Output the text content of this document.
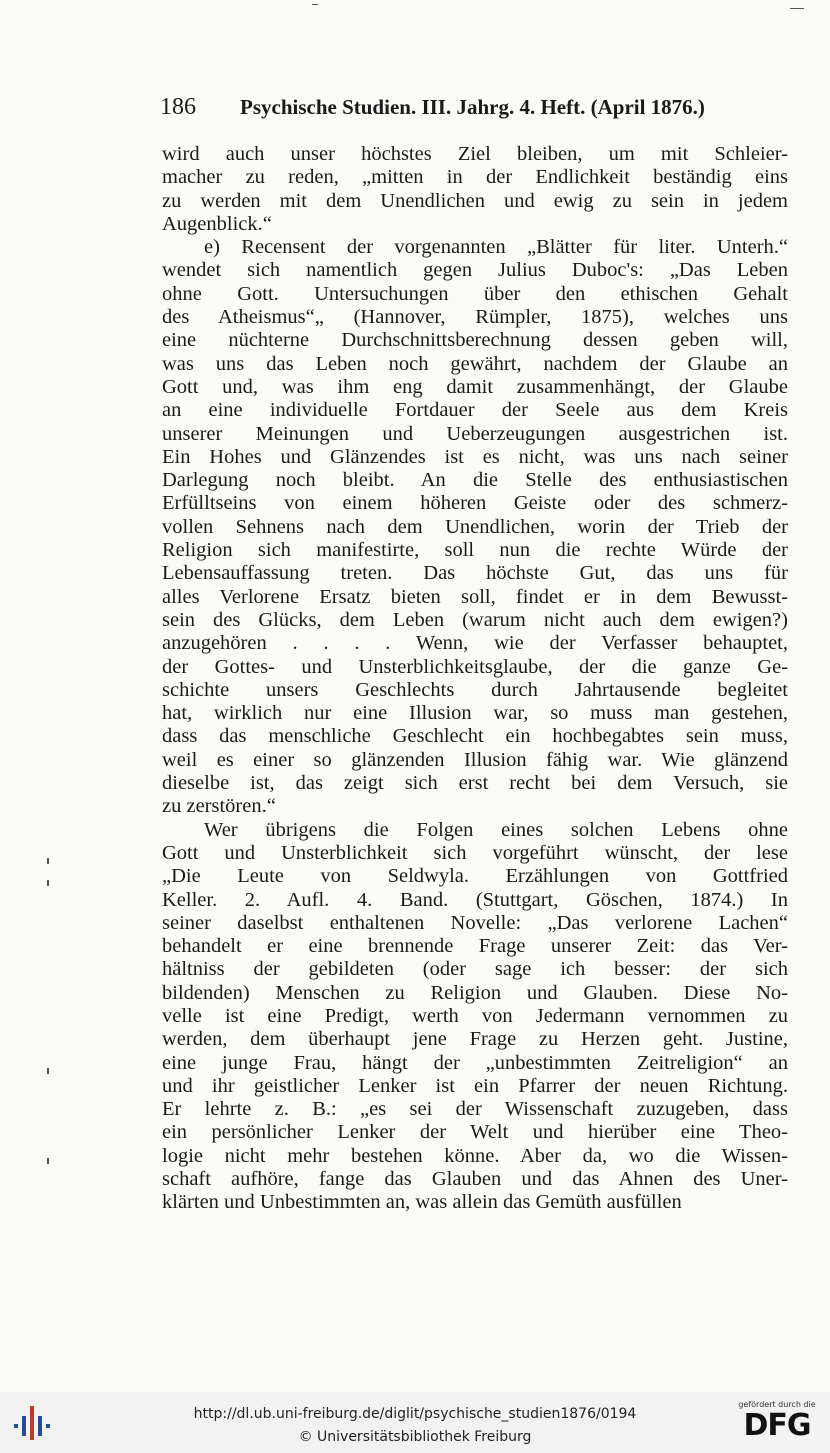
186 Psychische Studien. III. Jahrg. 4. Heft. (April 1876.)
wird auch unser höchstes Ziel bleiben, um mit Schleier-
macher zu reden, „mitten in der Endlichkeit beständig eins
zu werden mit dem Unendlichen und ewig zu sein in jedem
Augenblick.“
e) Recensent der vorgenannten „Blätter für liter. Unterh.“
wendet sich namentlich gegen Julius Duboc's: „Das Leben
ohne Gott. Untersuchungen über den ethischen Gehalt
des Atheismus“„ (Hannover, Rümpler, 1875), welches uns
eine nüchterne Durchschnittsberechnung dessen geben will,
was uns das Leben noch gewährt, nachdem der Glaube an
Gott und, was ihm eng damit zusammenhängt, der Glaube
an eine individuelle Fortdauer der Seele aus dem Kreis
unserer Meinungen und Ueberzeugungen ausgestrichen ist.
Ein Hohes und Glänzendes ist es nicht, was uns nach seiner
Darlegung noch bleibt. An die Stelle des enthusiastischen
Erfülltseins von einem höheren Geiste oder des schmerz-
vollen Sehnens nach dem Unendlichen, worin der Trieb der
Religion sich manifestirte, soll nun die rechte Würde der
Lebensauffassung treten. Das höchste Gut, das uns für
alles Verlorene Ersatz bieten soll, findet er in dem Bewusst-
sein des Glücks, dem Leben (warum nicht auch dem ewigen?)
anzugehören . . . . Wenn, wie der Verfasser behauptet,
der Gottes- und Unsterblichkeitsglaube, der die ganze Ge-
schichte unsers Geschlechts durch Jahrtausende begleitet
hat, wirklich nur eine Illusion war, so muss man gestehen,
dass das menschliche Geschlecht ein hochbegabtes sein muss,
weil es einer so glänzenden Illusion fähig war. Wie glänzend
dieselbe ist, das zeigt sich erst recht bei dem Versuch, sie
zu zerstören.“
Wer übrigens die Folgen eines solchen Lebens ohne
Gott und Unsterblichkeit sich vorgeführt wünscht, der lese
„Die Leute von Seldwyla. Erzählungen von Gottfried
Keller. 2. Aufl. 4. Band. (Stuttgart, Göschen, 1874.) In
seiner daselbst enthaltenen Novelle: „Das verlorene Lachen“
behandelt er eine brennende Frage unserer Zeit: das Ver-
hältniss der gebildeten (oder sage ich besser: der sich
bildenden) Menschen zu Religion und Glauben. Diese No-
velle ist eine Predigt, werth von Jedermann vernommen zu
werden, dem überhaupt jene Frage zu Herzen geht. Justine,
eine junge Frau, hängt der „unbestimmten Zeitreligion“ an
und ihr geistlicher Lenker ist ein Pfarrer der neuen Richtung.
Er lehrte z. B.: „es sei der Wissenschaft zuzugeben, dass
ein persönlicher Lenker der Welt und hierüber eine Theo-
logie nicht mehr bestehen könne. Aber da, wo die Wissen-
schaft aufhöre, fange das Glauben und das Ahnen des Uner-
klärten und Unbestimmten an, was allein das Gemüth ausfüllen
http://dl.ub.uni-freiburg.de/diglit/psychische_studien1876/0194
© Universitätsbibliothek Freiburg
gefördert durch die
DFG
